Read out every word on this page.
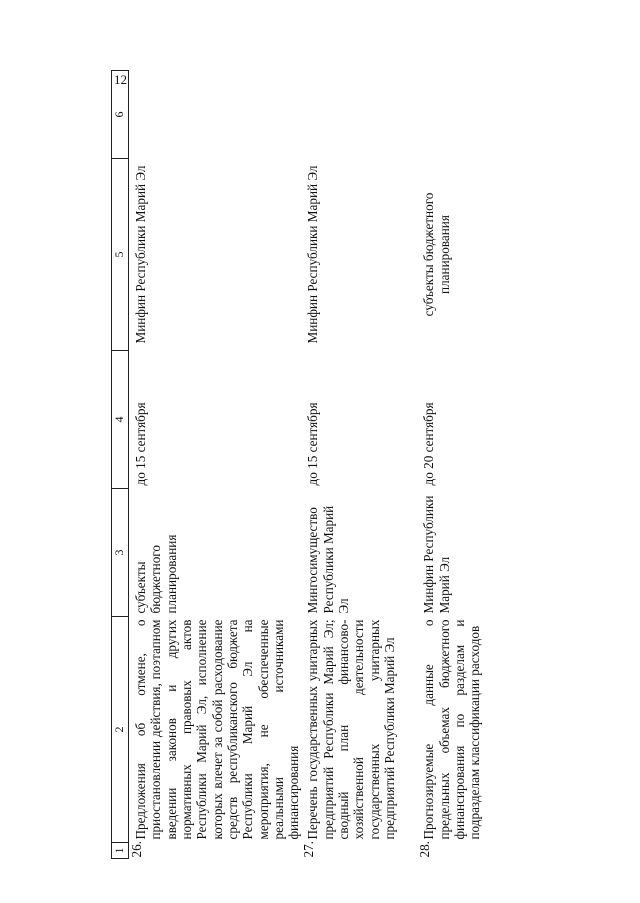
12
1	2	3	4	5	6
26.	Предложения об отмене, о приостановлении действия, поэтапном введении законов и других нормативных правовых актов Республики Марий Эл, исполнение которых влечет за собой расходование средств республиканского бюджета Республики Марий Эл на мероприятия, не обеспеченные реальными источниками финансирования	субъекты бюджетного планирования	до 15 сентября	Минфин Республики Марий Эл	
27.	Перечень государственных унитарных предприятий Республики Марий Эл; сводный план финансово-хозяйственной деятельности государственных унитарных предприятий Республики Марий Эл	Мингосимущество Республики Марий Эл	до 15 сентября	Минфин Республики Марий Эл	
28.	Прогнозируемые данные о предельных объемах бюджетного финансирования по разделам и подразделам классификации расходов	Минфин Республики Марий Эл	до 20 сентября	субъекты бюджетного планирования	
